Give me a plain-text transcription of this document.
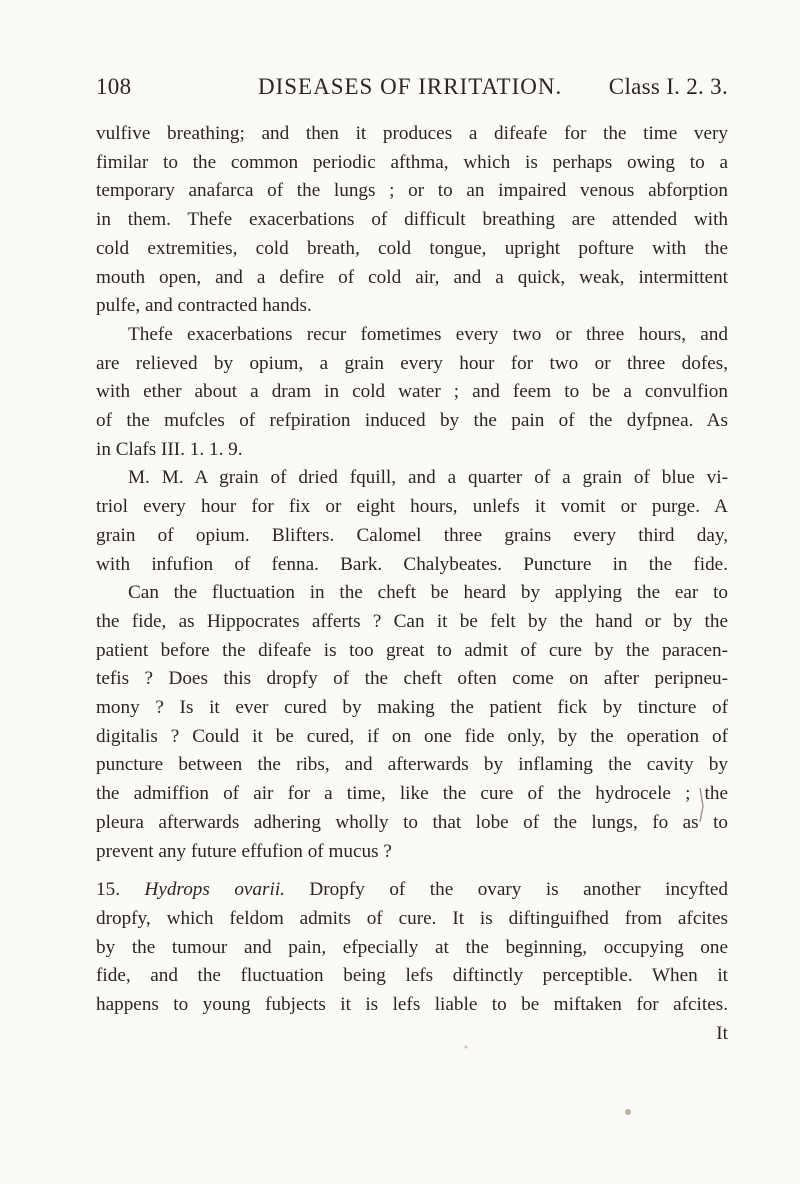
108	DISEASES OF IRRITATION. Class I. 2. 3.
vulfive breathing; and then it produces a difeafe for the time very
fimilar to the common periodic afthma, which is perhaps owing to a
temporary anafarca of the lungs ; or to an impaired venous abforption
in them. Thefe exacerbations of difficult breathing are attended with
cold extremities, cold breath, cold tongue, upright pofture with the
mouth open, and a defire of cold air, and a quick, weak, intermittent
pulfe, and contracted hands.
Thefe exacerbations recur fometimes every two or three hours, and
are relieved by opium, a grain every hour for two or three dofes,
with ether about a dram in cold water ; and feem to be a convulfion
of the mufcles of refpiration induced by the pain of the dyfpnea. As
in Clafs III. 1. 1. 9.
M. M. A grain of dried fquill, and a quarter of a grain of blue vi-
triol every hour for fix or eight hours, unlefs it vomit or purge. A
grain of opium. Blifters. Calomel three grains every third day,
with infufion of fenna. Bark. Chalybeates. Puncture in the fide.
Can the fluctuation in the cheft be heard by applying the ear to
the fide, as Hippocrates afferts ? Can it be felt by the hand or by the
patient before the difeafe is too great to admit of cure by the paracen-
tefis ? Does this dropfy of the cheft often come on after peripneu-
mony ? Is it ever cured by making the patient fick by tincture of
digitalis ? Could it be cured, if on one fide only, by the operation of
puncture between the ribs, and afterwards by inflaming the cavity by
the admiffion of air for a time, like the cure of the hydrocele ; the
pleura afterwards adhering wholly to that lobe of the lungs, fo as to
prevent any future effufion of mucus ?
15. Hydrops ovarii. Dropfy of the ovary is another incyfted
dropfy, which feldom admits of cure. It is diftinguifhed from afcites
by the tumour and pain, efpecially at the beginning, occupying one
fide, and the fluctuation being lefs diftinctly perceptible. When it
happens to young fubjects it is lefs liable to be miftaken for afcites.
It
